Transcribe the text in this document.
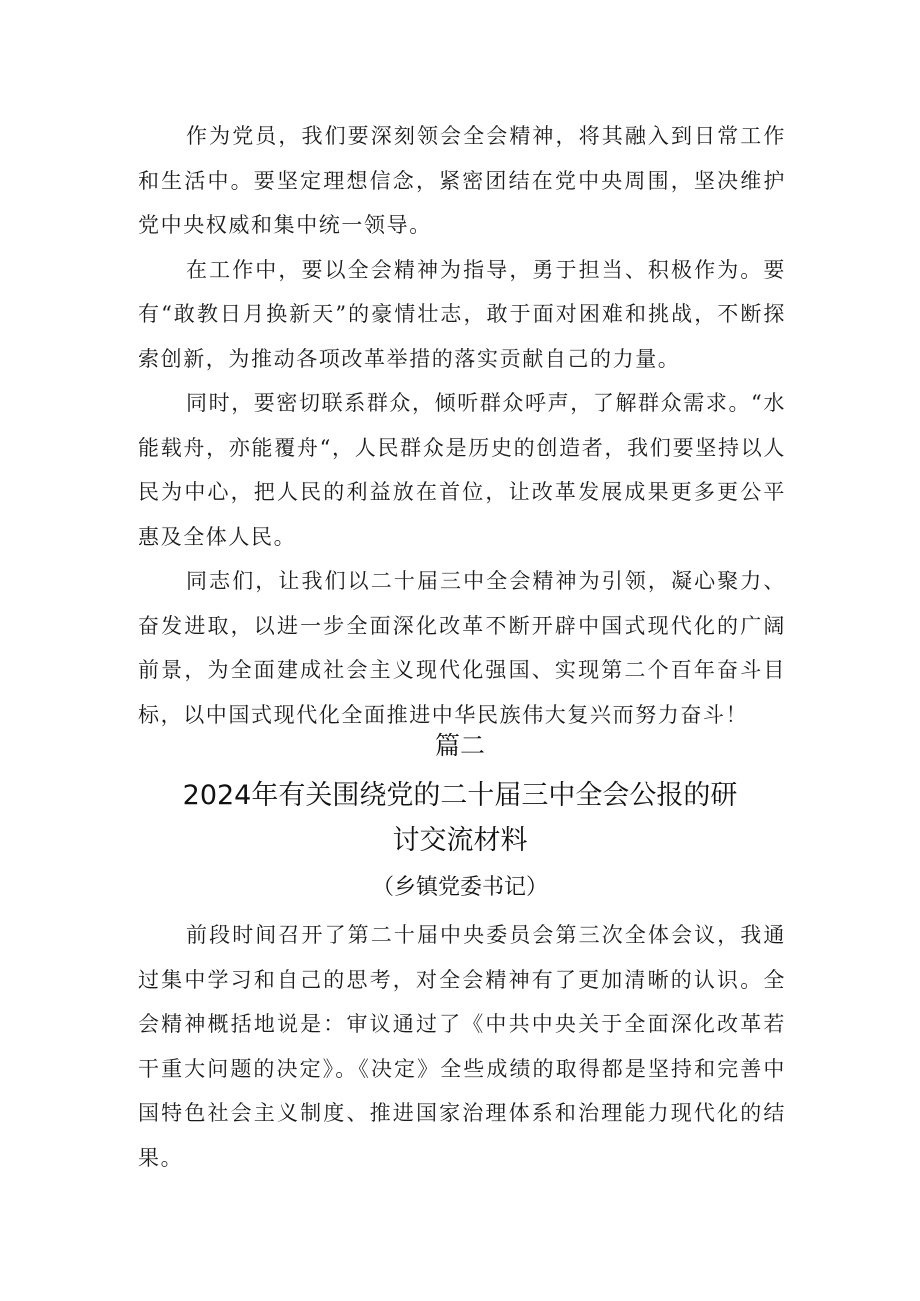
作为党员，我们要深刻领会全会精神，将其融入到日常工作和生活中。要坚定理想信念，紧密团结在党中央周围，坚决维护党中央权威和集中统一领导。

在工作中，要以全会精神为指导，勇于担当、积极作为。要有“敢教日月换新天”的豪情壮志，敢于面对困难和挑战，不断探索创新，为推动各项改革举措的落实贡献自己的力量。

同时，要密切联系群众，倾听群众呼声，了解群众需求。“水能载舟，亦能覆舟“，人民群众是历史的创造者，我们要坚持以人民为中心，把人民的利益放在首位，让改革发展成果更多更公平惠及全体人民。

同志们，让我们以二十届三中全会精神为引领，凝心聚力、奋发进取，以进一步全面深化改革不断开辟中国式现代化的广阔前景，为全面建成社会主义现代化强国、实现第二个百年奋斗目标，以中国式现代化全面推进中华民族伟大复兴而努力奋斗！

篇二
2024年有关围绕党的二十届三中全会公报的研讨交流材料
（乡镇党委书记）

前段时间召开了第二十届中央委员会第三次全体会议，我通过集中学习和自己的思考，对全会精神有了更加清晰的认识。全会精神概括地说是：审议通过了《中共中央关于全面深化改革若干重大问题的决定》。《决定》全些成绩的取得都是坚持和完善中国特色社会主义制度、推进国家治理体系和治理能力现代化的结果。
